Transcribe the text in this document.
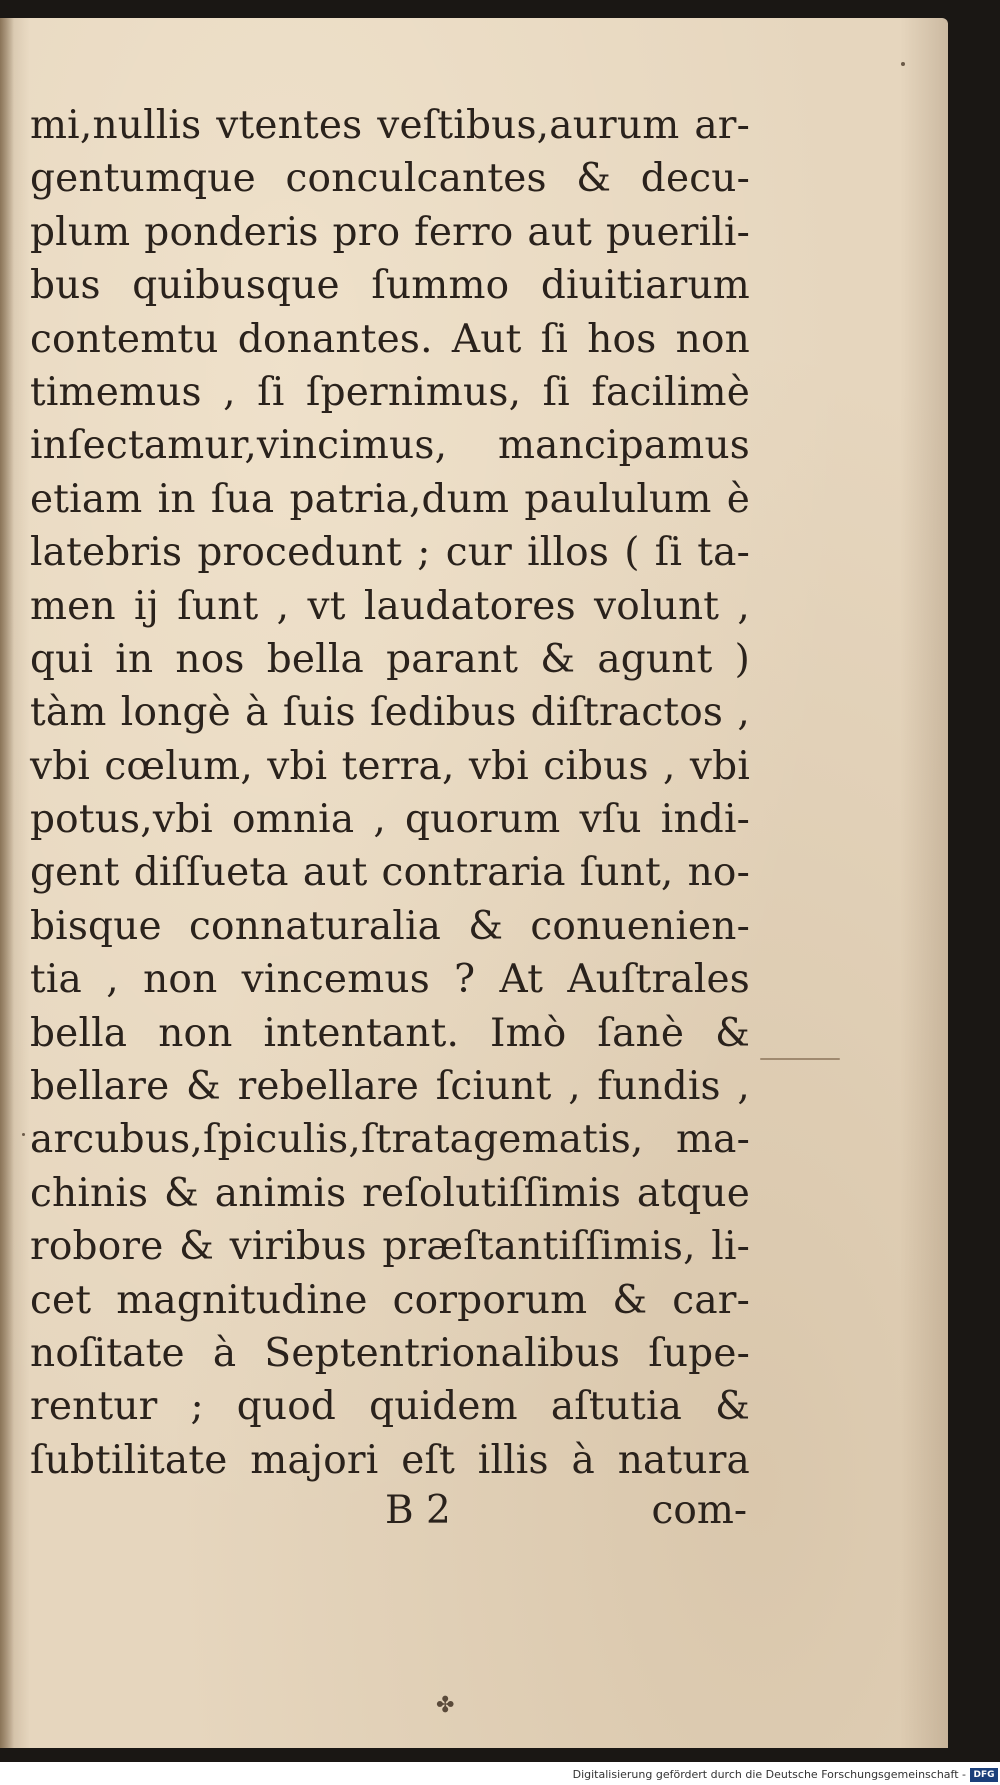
mi,nullis vtentes veſtibus,aurum ar-
gentumque conculcantes & decu-
plum ponderis pro ferro aut puerili-
bus quibusque ſummo diuitiarum
contemtu donantes. Aut ſi hos non
timemus , ſi ſpernimus, ſi facilimè
inſectamur,vincimus, mancipamus
etiam in ſua patria,dum paululum è
latebris procedunt ; cur illos ( ſi ta-
men ij ſunt , vt laudatores volunt ,
qui in nos bella parant & agunt )
tàm longè à ſuis ſedibus diſtractos ,
vbi cœlum, vbi terra, vbi cibus , vbi
potus,vbi omnia , quorum vſu indi-
gent diſſueta aut contraria ſunt, no-
bisque connaturalia & conuenien-
tia , non vincemus ? At Auſtrales
bella non intentant. Imò ſanè &
bellare & rebellare ſciunt , fundis ,
arcubus,ſpiculis,ſtratagematis, ma-
chinis & animis reſolutiſſimis atque
robore & viribus præſtantiſſimis, li-
cet magnitudine corporum & car-
noſitate à Septentrionalibus ſupe-
rentur ; quod quidem aſtutia &
ſubtilitate majori eſt illis à natura
B 2	com-
✤
Digitalisierung gefördert durch die Deutsche Forschungsgemeinschaft - DFG
